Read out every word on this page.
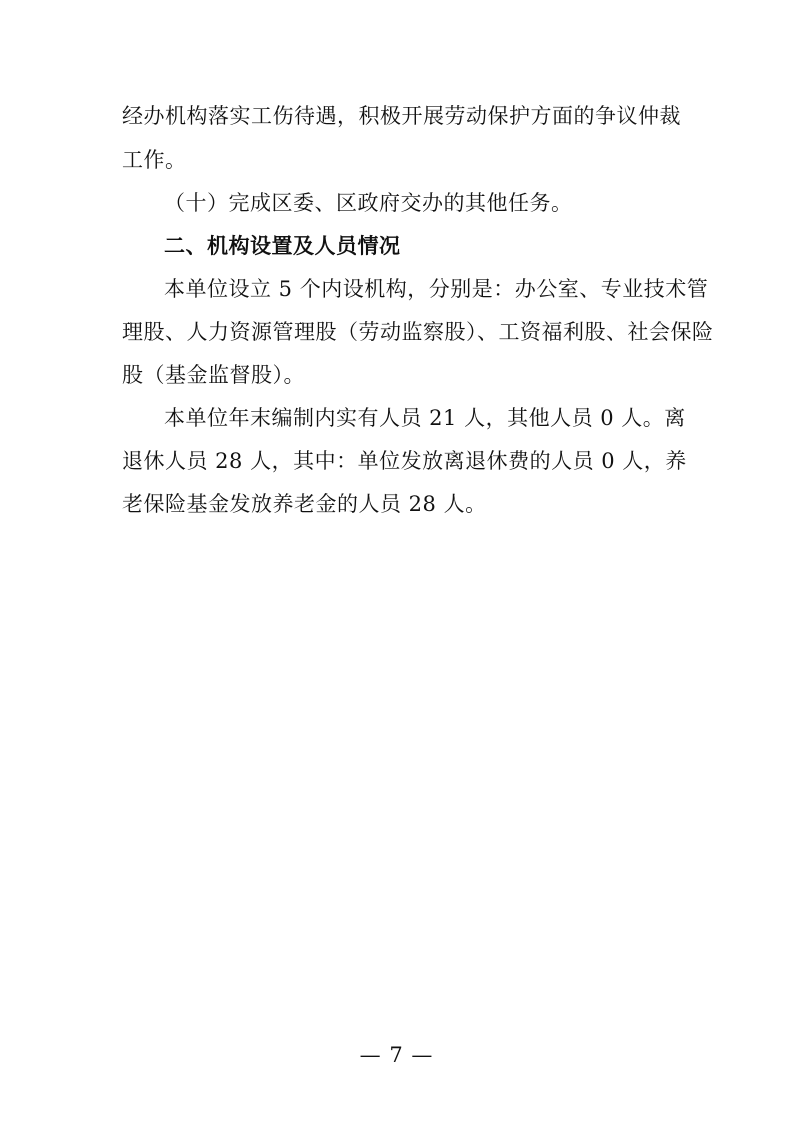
经办机构落实工伤待遇，积极开展劳动保护方面的争议仲裁
工作。
（十）完成区委、区政府交办的其他任务。
二、机构设置及人员情况
本单位设立 5 个内设机构，分别是：办公室、专业技术管
理股、人力资源管理股（劳动监察股）、工资福利股、社会保险
股（基金监督股）。
本单位年末编制内实有人员 21 人，其他人员 0 人。离
退休人员 28 人，其中：单位发放离退休费的人员 0 人，养
老保险基金发放养老金的人员 28 人。
— 7 —
